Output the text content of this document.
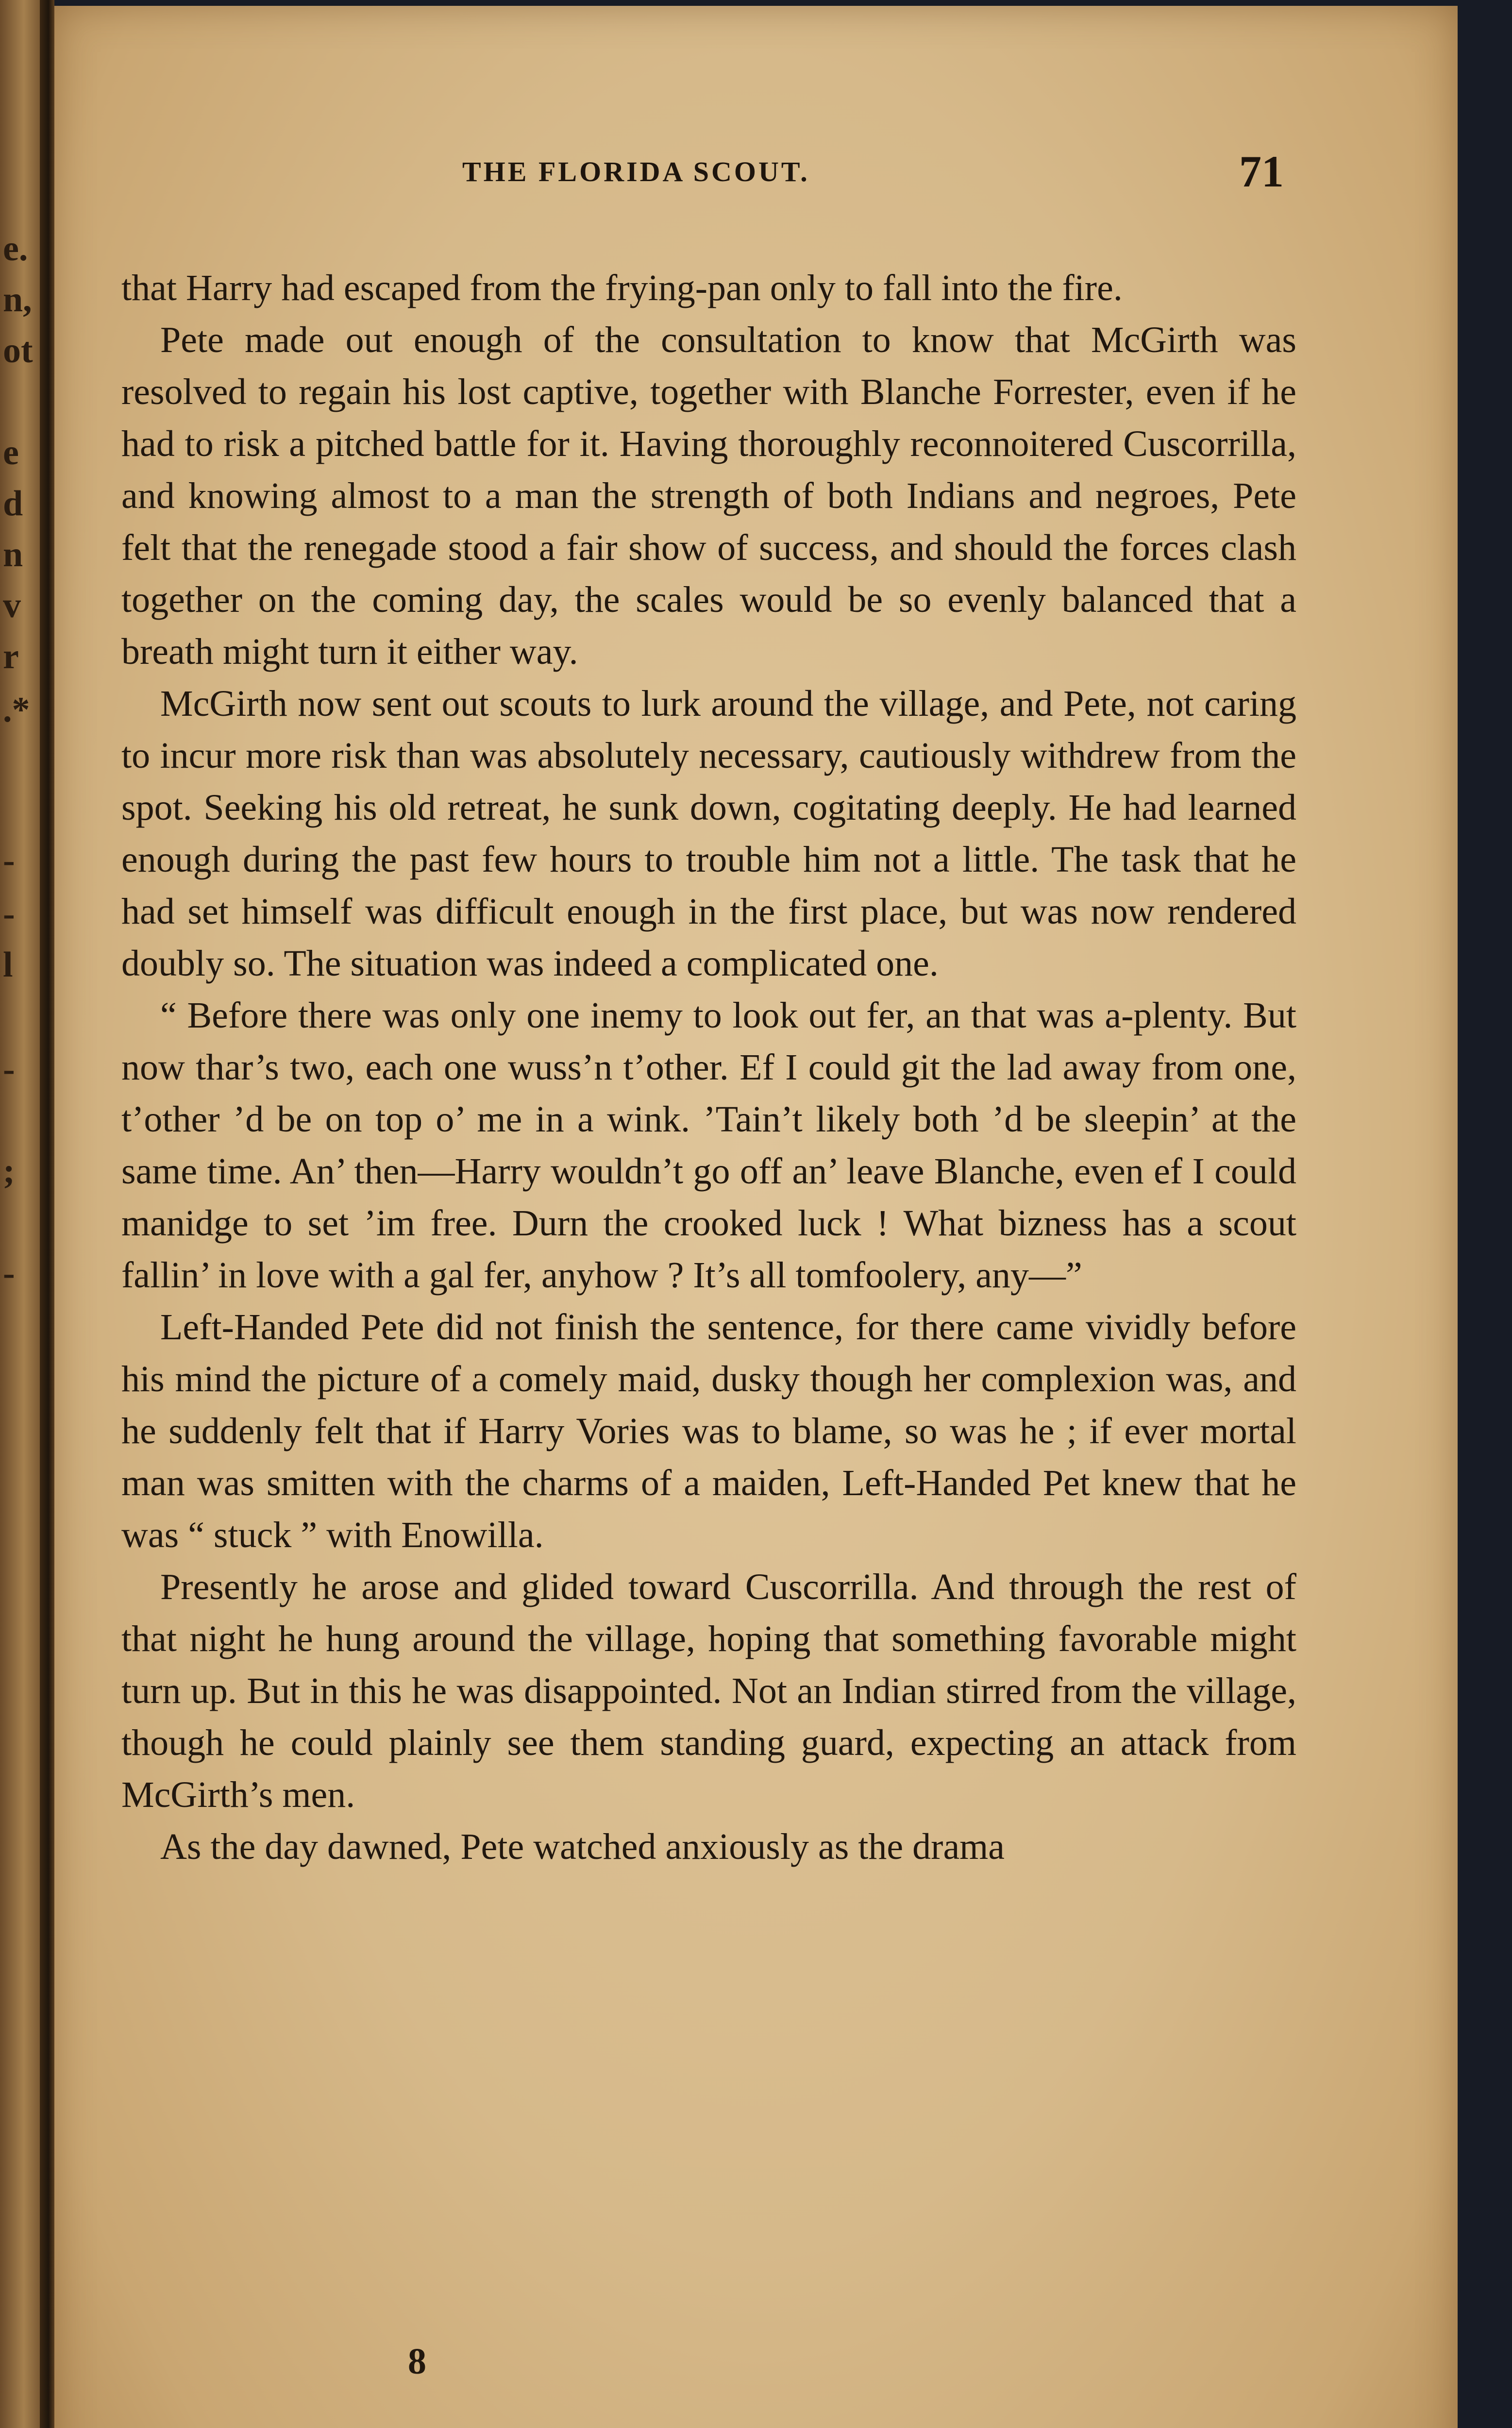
e.
n,
ot
e
d
n
v
r
.*
-
-
l
-
;
-
THE FLORIDA SCOUT.	71

that Harry had escaped from the frying-pan only to fall into the fire.

Pete made out enough of the consultation to know that McGirth was resolved to regain his lost captive, together with Blanche Forrester, even if he had to risk a pitched battle for it. Having thoroughly reconnoitered Cuscorrilla, and knowing almost to a man the strength of both Indians and negroes, Pete felt that the renegade stood a fair show of success, and should the forces clash together on the coming day, the scales would be so evenly balanced that a breath might turn it either way.

McGirth now sent out scouts to lurk around the village, and Pete, not caring to incur more risk than was absolutely necessary, cautiously withdrew from the spot. Seeking his old retreat, he sunk down, cogitating deeply. He had learned enough during the past few hours to trouble him not a little. The task that he had set himself was difficult enough in the first place, but was now rendered doubly so. The situation was indeed a complicated one.

“ Before there was only one inemy to look out fer, an that was a-plenty. But now thar’s two, each one wuss’n t’other. Ef I could git the lad away from one, t’other ’d be on top o’ me in a wink. ’Tain’t likely both ’d be sleepin’ at the same time. An’ then—Harry wouldn’t go off an’ leave Blanche, even ef I could manidge to set ’im free. Durn the crooked luck ! What bizness has a scout fallin’ in love with a gal fer, anyhow ? It’s all tomfoolery, any—”

Left-Handed Pete did not finish the sentence, for there came vividly before his mind the picture of a comely maid, dusky though her complexion was, and he suddenly felt that if Harry Vories was to blame, so was he ; if ever mortal man was smitten with the charms of a maiden, Left-Handed Pet knew that he was “ stuck ” with Enowilla.

Presently he arose and glided toward Cuscorrilla. And through the rest of that night he hung around the village, hoping that something favorable might turn up. But in this he was disappointed. Not an Indian stirred from the village, though he could plainly see them standing guard, expecting an attack from McGirth’s men.

As the day dawned, Pete watched anxiously as the drama

8
